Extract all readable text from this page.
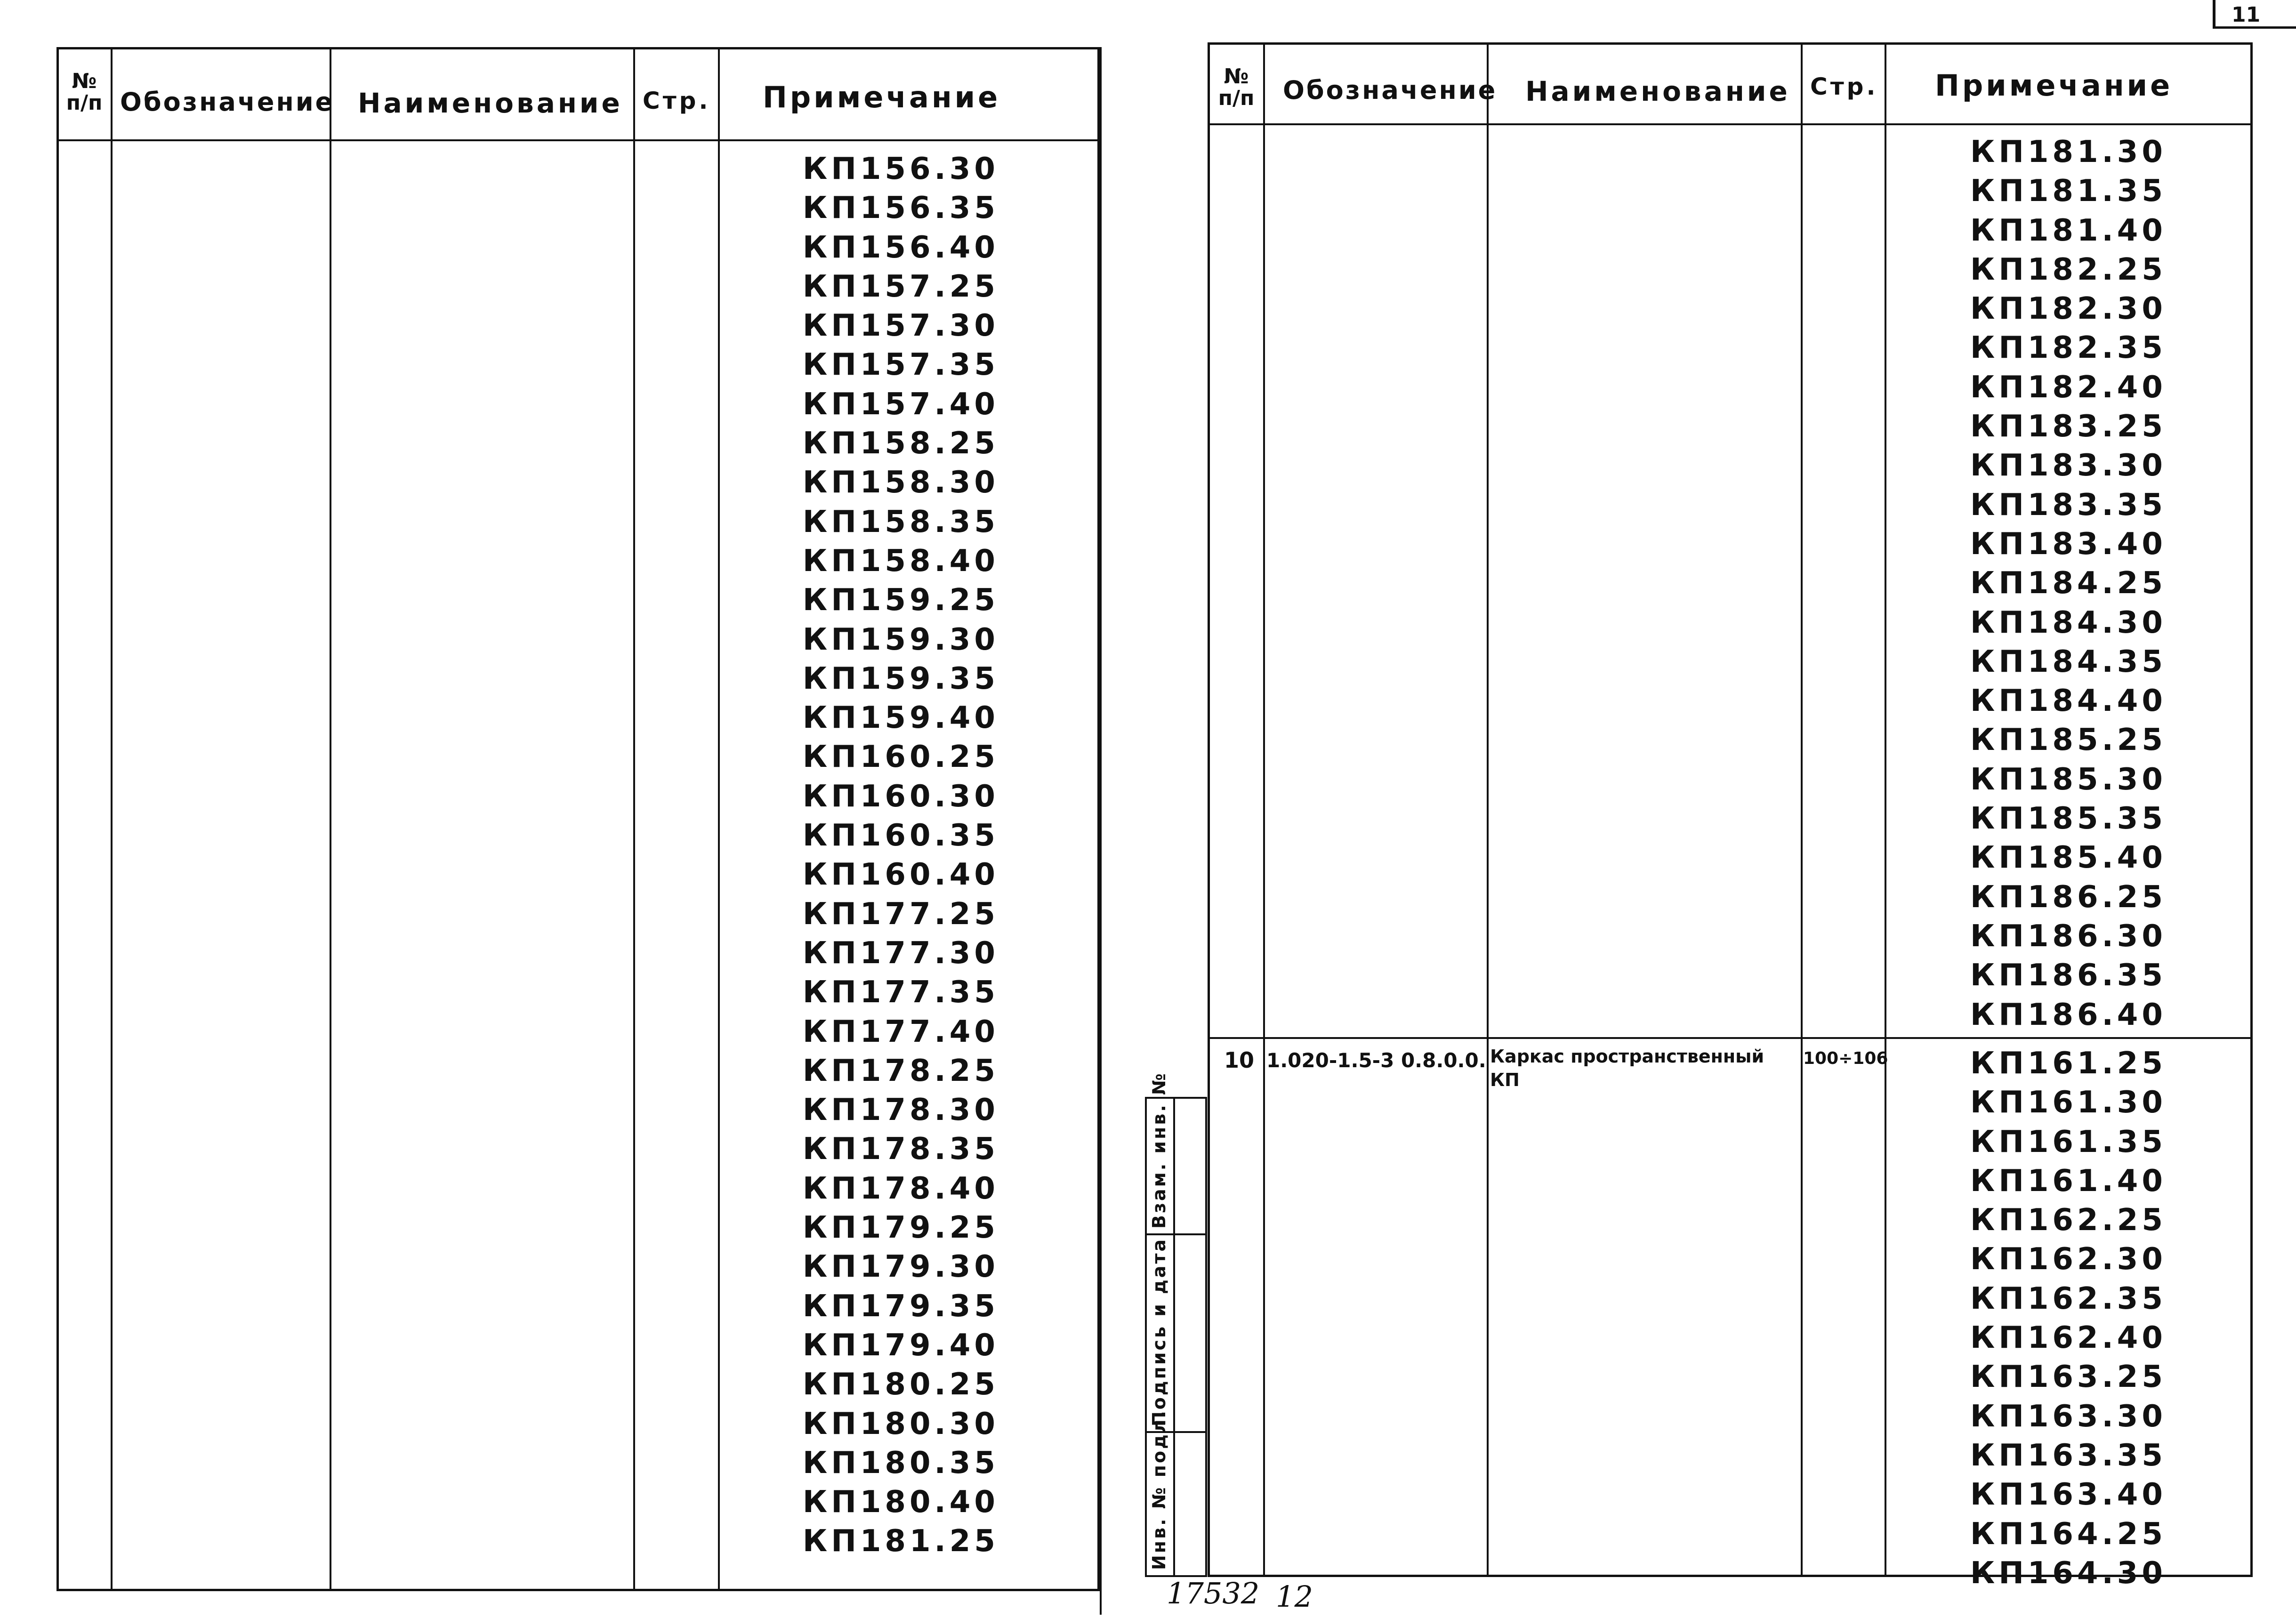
11
№ п/п Обозначение Наименование Стр. Примечание
КП156.30
КП156.35
КП156.40
КП157.25
КП157.30
КП157.35
КП157.40
КП158.25
КП158.30
КП158.35
КП158.40
КП159.25
КП159.30
КП159.35
КП159.40
КП160.25
КП160.30
КП160.35
КП160.40
КП177.25
КП177.30
КП177.35
КП177.40
КП178.25
КП178.30
КП178.35
КП178.40
КП179.25
КП179.30
КП179.35
КП179.40
КП180.25
КП180.30
КП180.35
КП180.40
КП181.25	Инв. № подл.
Подпись и дата
Взам. инв. №
№ п/п Обозначение Наименование Стр. Примечание
КП181.30
КП181.35
КП181.40
КП182.25
КП182.30
КП182.35
КП182.40
КП183.25
КП183.30
КП183.35
КП183.40
КП184.25
КП184.30
КП184.35
КП184.40
КП185.25
КП185.30
КП185.35
КП185.40
КП186.25
КП186.30
КП186.35
КП186.40
10 1.020-1.5-3 0.8.0.0. Каркас пространственный
КП
100÷106	КП161.25
КП161.30
КП161.35
КП161.40
КП162.25
КП162.30
КП162.35
КП162.40
КП163.25
КП163.30
КП163.35
КП163.40
КП164.25
КП164.30
17532 12
